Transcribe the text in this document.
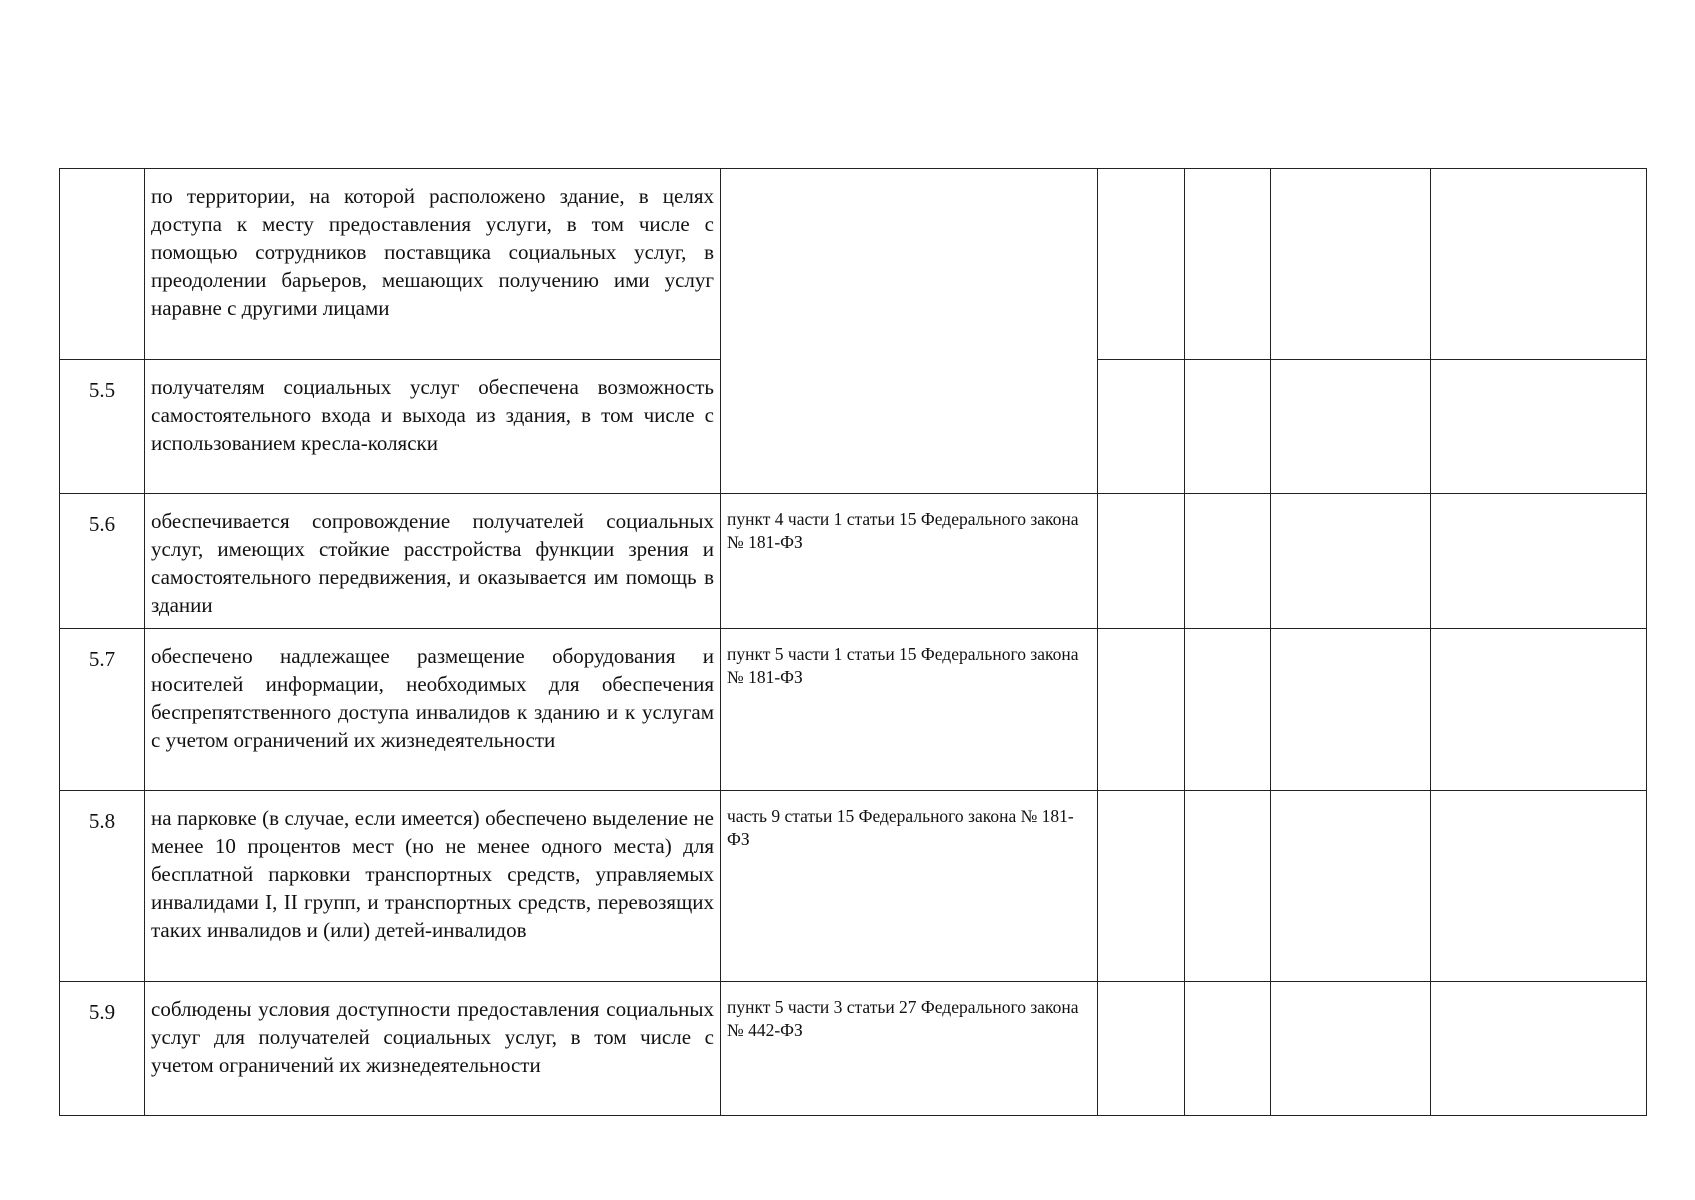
	по территории, на которой расположено здание, в целях доступа к месту предоставления услуги, в том числе с помощью сотрудников поставщика социальных услуг, в преодолении барьеров, мешающих получению ими услуг наравне с другими лицами					
5.5	получателям социальных услуг обеспечена возможность самостоятельного входа и выхода из здания, в том числе с использованием кресла-коляски					
5.6	обеспечивается сопровождение получателей социальных услуг, имеющих стойкие расстройства функции зрения и самостоятельного передвижения, и оказывается им помощь в здании	пункт 4 части 1 статьи 15 Федерального закона № 181-ФЗ				
5.7	обеспечено надлежащее размещение оборудования и носителей информации, необходимых для обеспечения беспрепятственного доступа инвалидов к зданию и к услугам с учетом ограничений их жизнедеятельности	пункт 5 части 1 статьи 15 Федерального закона № 181-ФЗ				
5.8	на парковке (в случае, если имеется) обеспечено выделение не менее 10 процентов мест (но не менее одного места) для бесплатной парковки транспортных средств, управляемых инвалидами I, II групп, и транспортных средств, перевозящих таких инвалидов и (или) детей-инвалидов	часть 9 статьи 15 Федерального закона № 181-ФЗ				
5.9	соблюдены условия доступности предоставления социальных услуг для получателей социальных услуг, в том числе с учетом ограничений их жизнедеятельности	пункт 5 части 3 статьи 27 Федерального закона № 442-ФЗ				
